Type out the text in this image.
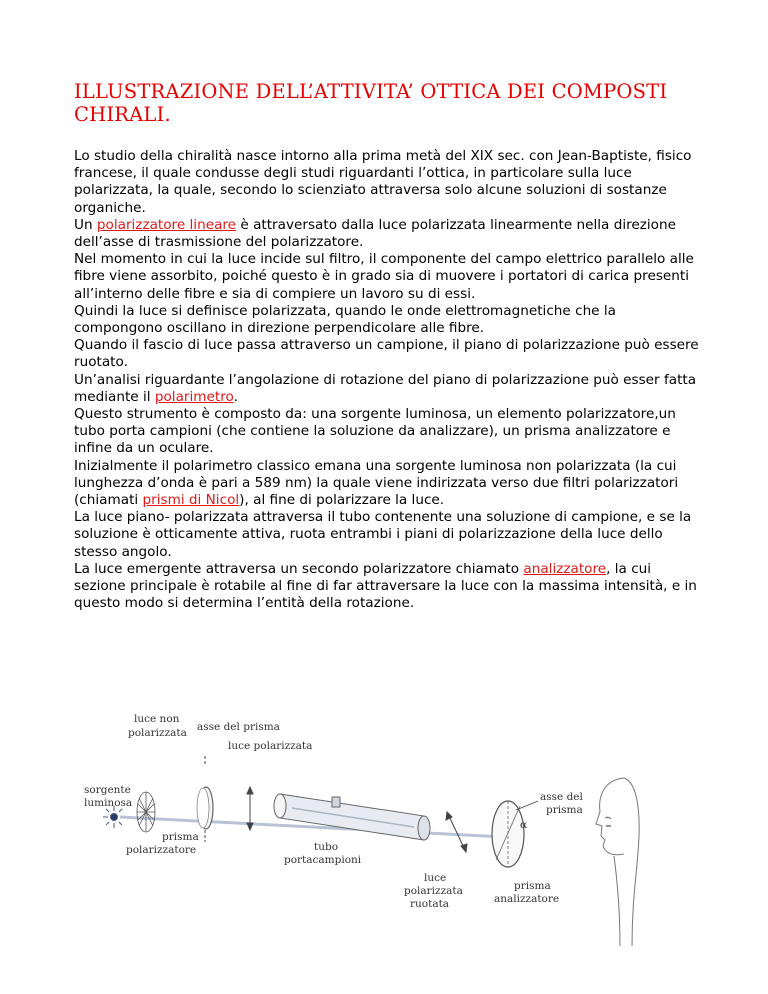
ILLUSTRAZIONE DELL’ATTIVITA’ OTTICA DEI COMPOSTI CHIRALI.

Lo studio della chiralità nasce intorno alla prima metà del XIX sec. con Jean-Baptiste, fisico francese, il quale condusse degli studi riguardanti l’ottica, in particolare sulla luce polarizzata, la quale, secondo lo scienziato attraversa solo alcune soluzioni di sostanze organiche.

Un polarizzatore lineare è attraversato dalla luce polarizzata linearmente nella direzione dell’asse di trasmissione del polarizzatore.

Nel momento in cui la luce incide sul filtro, il componente del campo elettrico parallelo alle fibre viene assorbito, poiché questo è in grado sia di muovere i portatori di carica presenti all’interno delle fibre e sia di compiere un lavoro su di essi.

Quindi la luce si definisce polarizzata, quando le onde elettromagnetiche che la compongono oscillano in direzione perpendicolare alle fibre.

Quando il fascio di luce passa attraverso un campione, il piano di polarizzazione può essere ruotato.

Un’analisi riguardante l’angolazione di rotazione del piano di polarizzazione può esser fatta mediante il polarimetro.

Questo strumento è composto da: una sorgente luminosa, un elemento polarizzatore,un tubo porta campioni (che contiene la soluzione da analizzare), un prisma analizzatore e infine da un oculare.

Inizialmente il polarimetro classico emana una sorgente luminosa non polarizzata (la cui lunghezza d’onda è pari a 589 nm) la quale viene indirizzata verso due filtri polarizzatori (chiamati prismi di Nicol), al fine di polarizzare la luce.

La luce piano- polarizzata attraversa il tubo contenente una soluzione di campione, e se la soluzione è otticamente attiva, ruota entrambi i piani di polarizzazione della luce dello stesso angolo.

La luce emergente attraversa un secondo polarizzatore chiamato analizzatore, la cui sezione principale è rotabile al fine di far attraversare la luce con la massima intensità, e in questo modo si determina l’entità della rotazione.

luce non
polarizzata asse del prisma
luce polarizzata
sorgente
luminosa
prisma
polarizzatore	tubo
portacampioni
luce
polarizzata
ruotata
asse del
prisma
α
prisma
analizzatore
